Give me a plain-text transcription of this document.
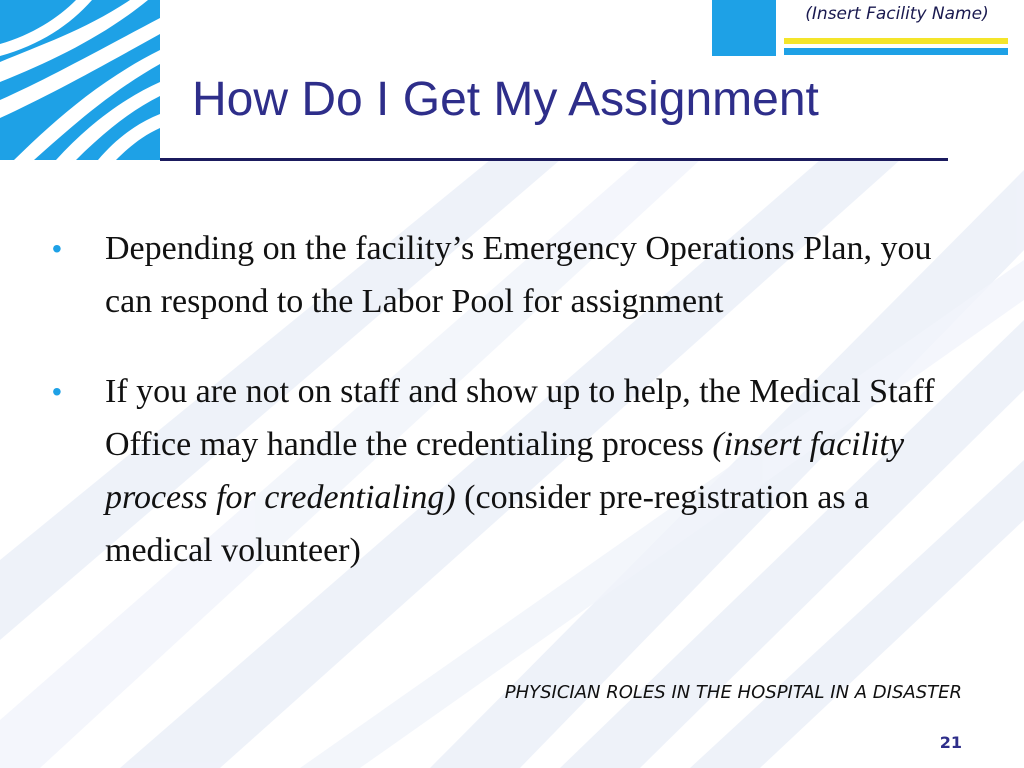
(Insert Facility Name)
How Do I Get My Assignment
• Depending on the facility’s Emergency Operations Plan, you can respond to the Labor Pool for assignment
• If you are not on staff and show up to help, the Medical Staff Office may handle the credentialing process (insert facility process for credentialing) (consider pre-registration as a medical volunteer)
PHYSICIAN ROLES IN THE HOSPITAL IN A DISASTER
21
